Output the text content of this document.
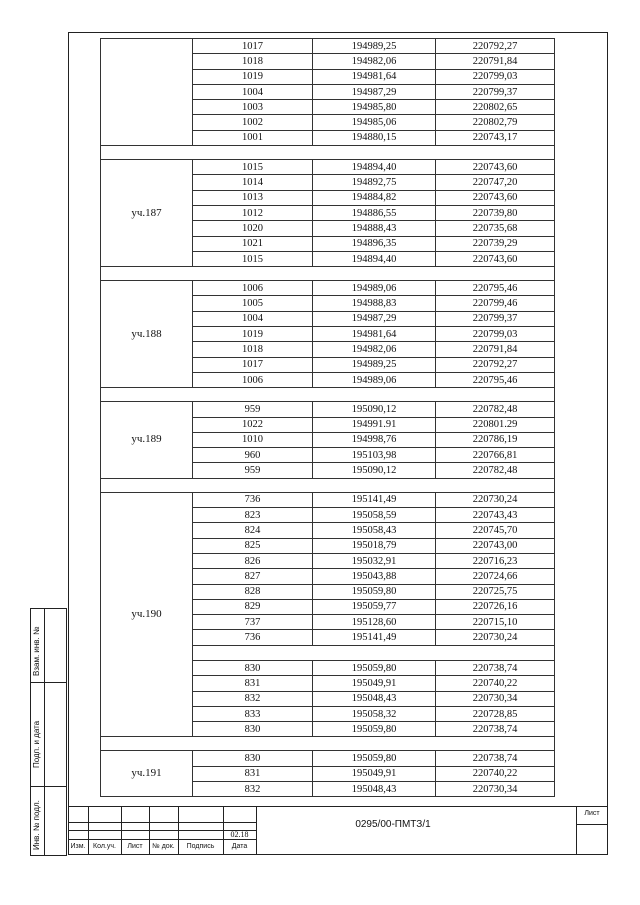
	1017	194989,25	220792,27
	1018	194982,06	220791,84
	1019	194981,64	220799,03
	1004	194987,29	220799,37
	1003	194985,80	220802,65
	1002	194985,06	220802,79
	1001	194880,15	220743,17

уч.187	1015	194894,40	220743,60
	1014	194892,75	220747,20
	1013	194884,82	220743,60
	1012	194886,55	220739,80
	1020	194888,43	220735,68
	1021	194896,35	220739,29
	1015	194894,40	220743,60

уч.188	1006	194989,06	220795,46
	1005	194988,83	220799,46
	1004	194987,29	220799,37
	1019	194981,64	220799,03
	1018	194982,06	220791,84
	1017	194989,25	220792,27
	1006	194989,06	220795,46

уч.189	959	195090,12	220782,48
	1022	194991.91	220801.29
	1010	194998,76	220786,19
	960	195103,98	220766,81
	959	195090,12	220782,48

уч.190	736	195141,49	220730,24
	823	195058,59	220743,43
	824	195058,43	220745,70
	825	195018,79	220743,00
	826	195032,91	220716,23
	827	195043,88	220724,66
	828	195059,80	220725,75
	829	195059,77	220726,16
	737	195128,60	220715,10
	736	195141,49	220730,24

	830	195059,80	220738,74
	831	195049,91	220740,22
	832	195048,43	220730,34
	833	195058,32	220728,85
	830	195059,80	220738,74

уч.191	830	195059,80	220738,74
	831	195049,91	220740,22
	832	195048,43	220730,34
Взам. инв. №
Подп. и дата
Инв. № подл.	02.18
0295/00-ПМТЗ/1
Лист
Изм.	Кол.уч.	Лист	№ док.	Подпись	Дата
